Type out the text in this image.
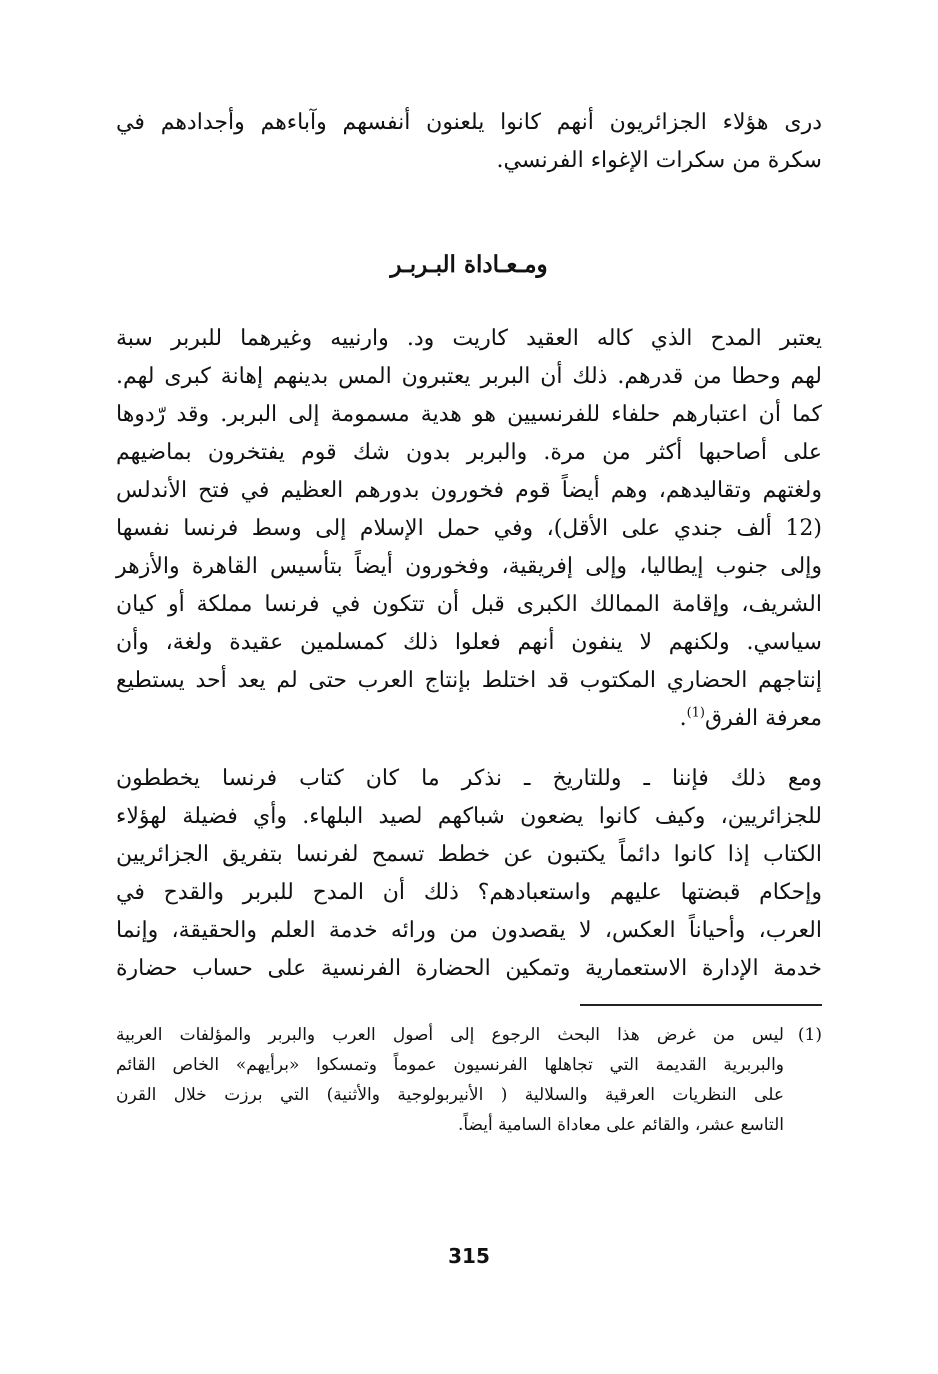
درى هؤلاء الجزائريون أنهم كانوا يلعنون أنفسهم وآباءهم وأجدادهم في
سكرة من سكرات الإغواء الفرنسي.

ومـعـاداة البـربـر

يعتبر المدح الذي كاله العقيد كاريت ود. وارنييه وغيرهما للبربر سبة
لهم وحطا من قدرهم. ذلك أن البربر يعتبرون المس بدينهم إهانة كبرى لهم.
كما أن اعتبارهم حلفاء للفرنسيين هو هدية مسمومة إلى البربر. وقد رّدوها
على أصاحبها أكثر من مرة. والبربر بدون شك قوم يفتخرون بماضيهم
ولغتهم وتقاليدهم، وهم أيضاً قوم فخورون بدورهم العظيم في فتح الأندلس
(12 ألف جندي على الأقل)، وفي حمل الإسلام إلى وسط فرنسا نفسها
وإلى جنوب إيطاليا، وإلى إفريقية، وفخورون أيضاً بتأسيس القاهرة والأزهر
الشريف، وإقامة الممالك الكبرى قبل أن تتكون في فرنسا مملكة أو كيان
سياسي. ولكنهم لا ينفون أنهم فعلوا ذلك كمسلمين عقيدة ولغة، وأن
إنتاجهم الحضاري المكتوب قد اختلط بإنتاج العرب حتى لم يعد أحد يستطيع
معرفة الفرق$^{(1)}$.

ومع ذلك فإننا ـ وللتاريخ ـ نذكر ما كان كتاب فرنسا يخططون
للجزائريين، وكيف كانوا يضعون شباكهم لصيد البلهاء. وأي فضيلة لهؤلاء
الكتاب إذا كانوا دائماً يكتبون عن خطط تسمح لفرنسا بتفريق الجزائريين
وإحكام قبضتها عليهم واستعبادهم؟ ذلك أن المدح للبربر والقدح في
العرب، وأحياناً العكس، لا يقصدون من ورائه خدمة العلم والحقيقة، وإنما
خدمة الإدارة الاستعمارية وتمكين الحضارة الفرنسية على حساب حضارة

(1)
ليس من غرض هذا البحث الرجوع إلى أصول العرب والبربر والمؤلفات العربية
والبربرية القديمة التي تجاهلها الفرنسيون عموماً وتمسكوا «برأيهم» الخاص القائم
على النظريات العرقية والسلالية ( الأنيربولوجية والأثنية) التي برزت خلال القرن
التاسع عشر، والقائم على معاداة السامية أيضاً.
315
